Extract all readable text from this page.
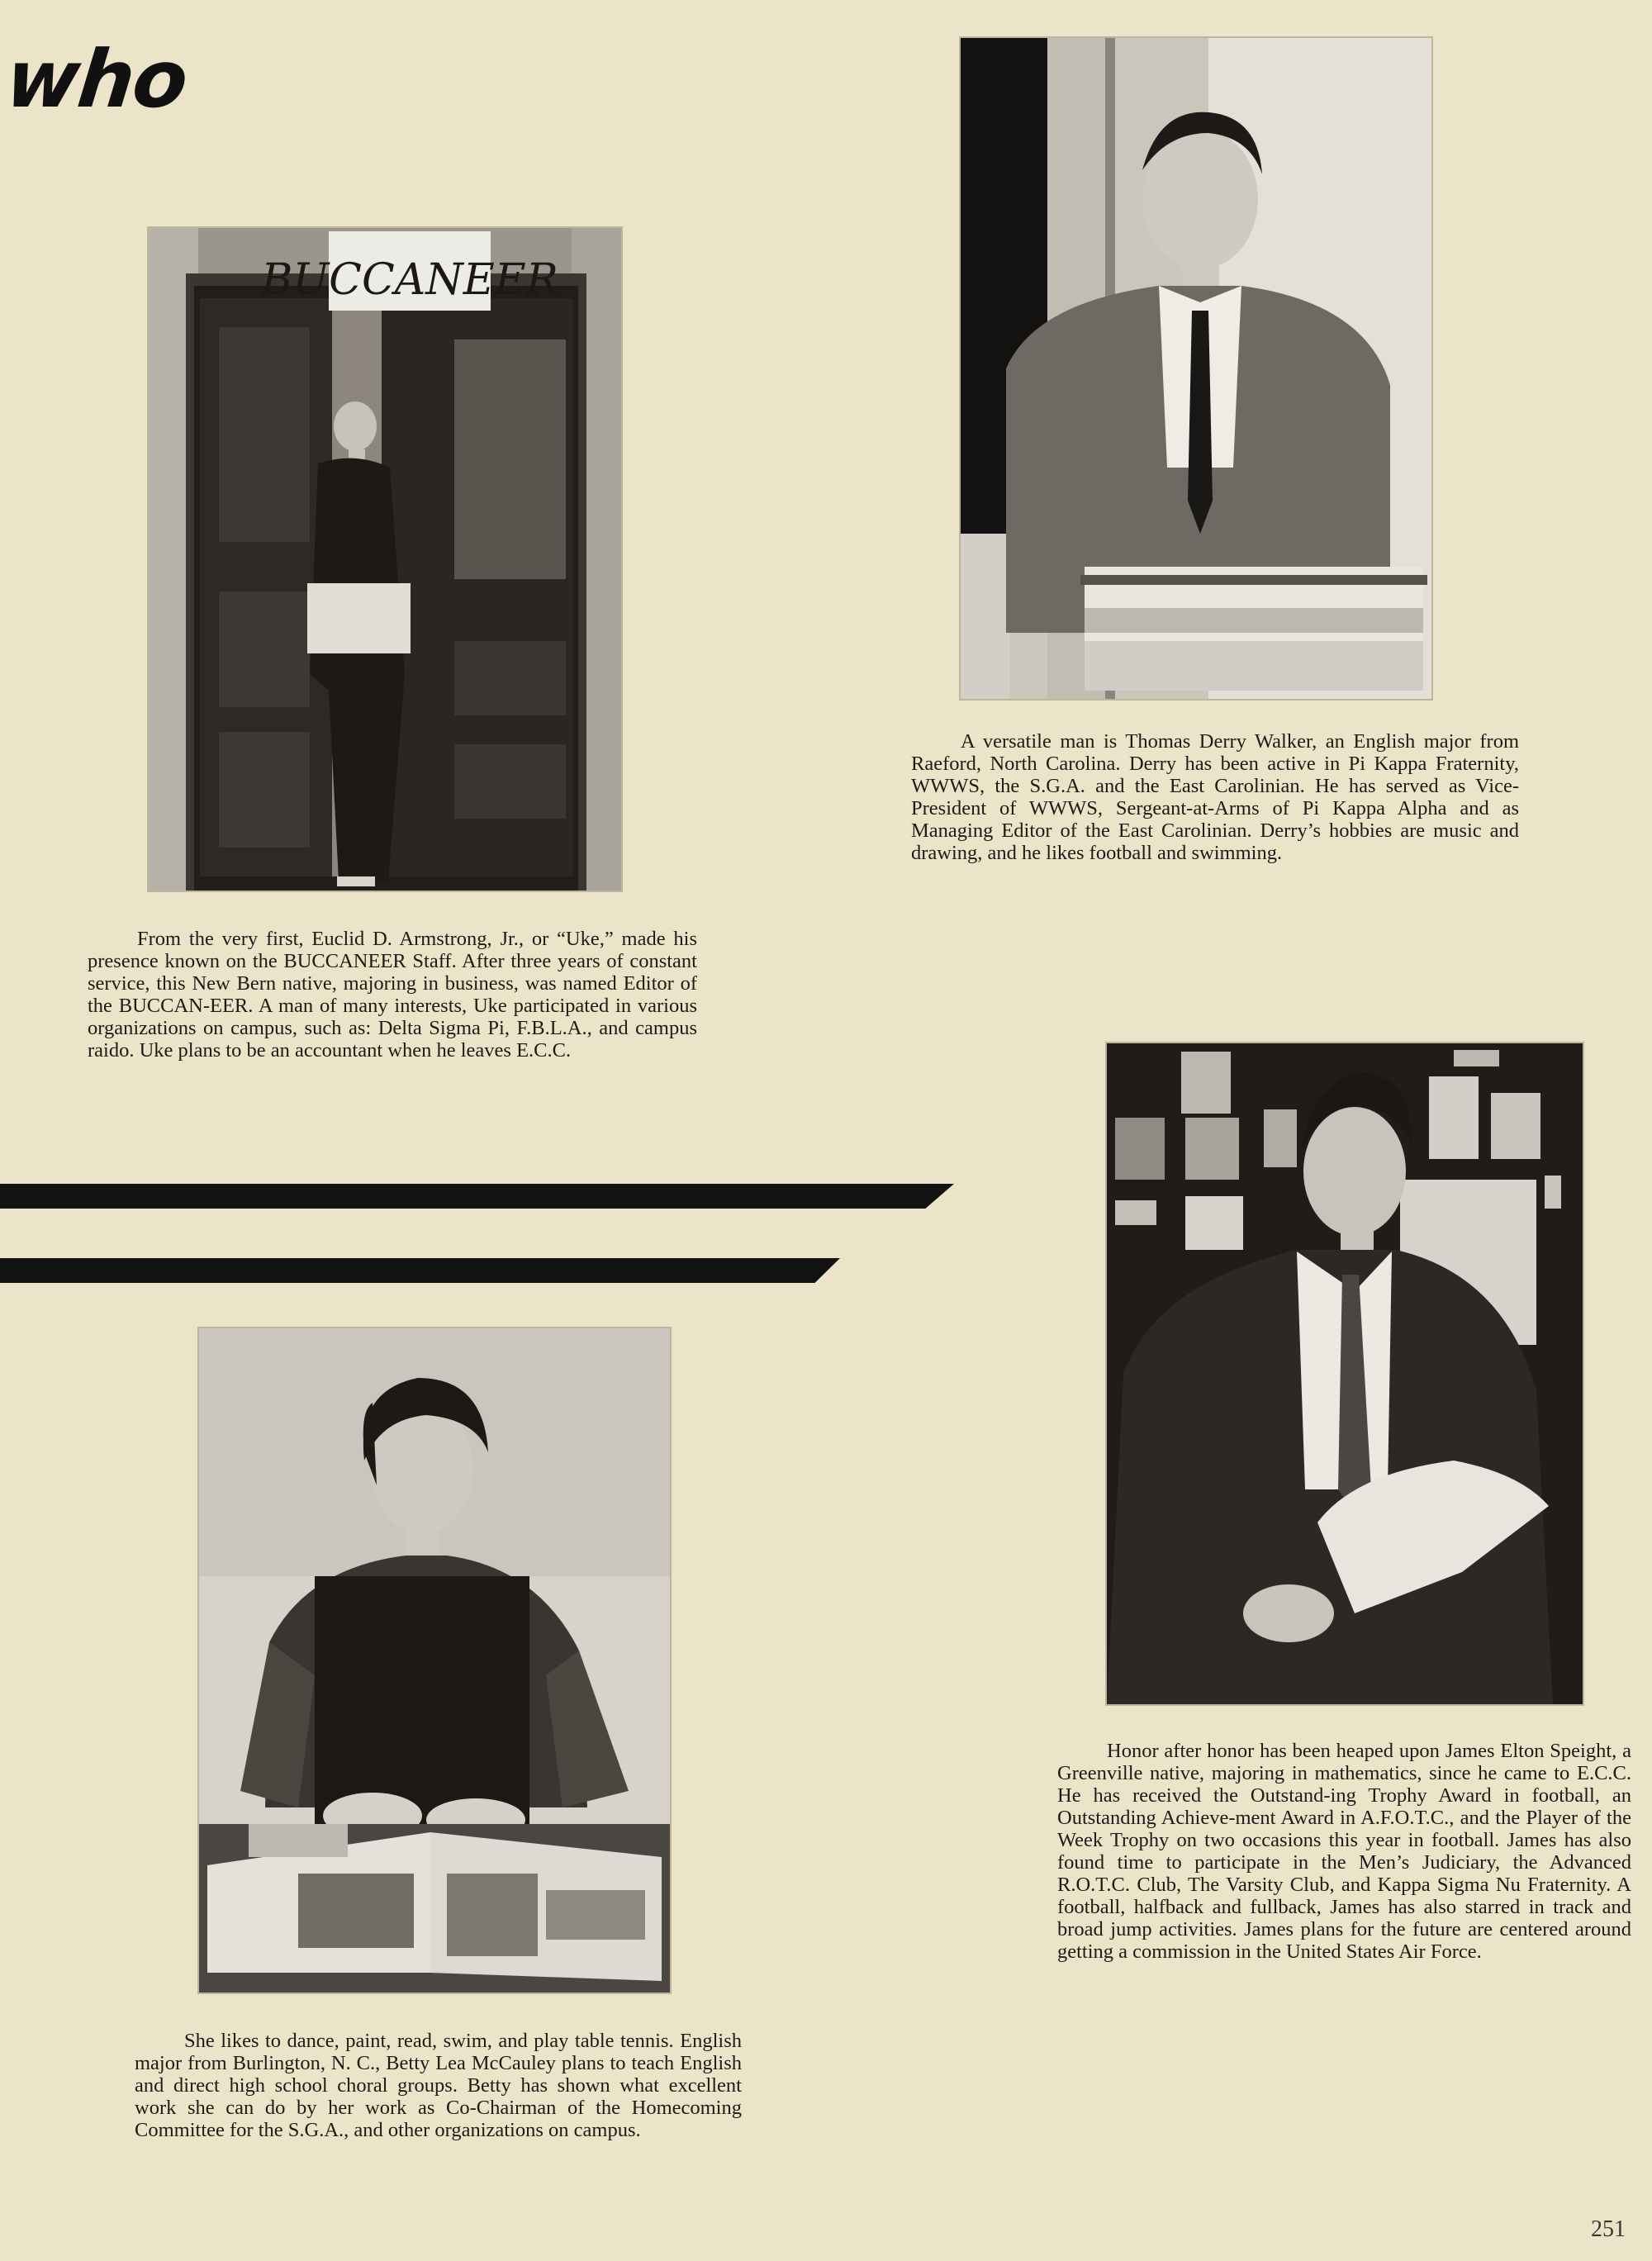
who
BUCCANEER

From the very first, Euclid D. Armstrong, Jr., or “Uke,” made his presence known on the BUCCANEER Staff. After three years of constant service, this New Bern native, majoring in business, was named Editor of the BUCCAN-EER. A man of many interests, Uke participated in various organizations on campus, such as: Delta Sigma Pi, F.B.L.A., and campus raido. Uke plans to be an accountant when he leaves E.C.C.

A versatile man is Thomas Derry Walker, an English major from Raeford, North Carolina. Derry has been active in Pi Kappa Fraternity, WWWS, the S.G.A. and the East Carolinian. He has served as Vice-President of WWWS, Sergeant-at-Arms of Pi Kappa Alpha and as Managing Editor of the East Carolinian. Derry’s hobbies are music and drawing, and he likes football and swimming.

Honor after honor has been heaped upon James Elton Speight, a Greenville native, majoring in mathematics, since he came to E.C.C. He has received the Outstand-ing Trophy Award in football, an Outstanding Achieve-ment Award in A.F.O.T.C., and the Player of the Week Trophy on two occasions this year in football. James has also found time to participate in the Men’s Judiciary, the Advanced R.O.T.C. Club, The Varsity Club, and Kappa Sigma Nu Fraternity. A football, halfback and fullback, James has also starred in track and broad jump activities. James plans for the future are centered around getting a commission in the United States Air Force.

She likes to dance, paint, read, swim, and play table tennis. English major from Burlington, N. C., Betty Lea McCauley plans to teach English and direct high school choral groups. Betty has shown what excellent work she can do by her work as Co-Chairman of the Homecoming Committee for the S.G.A., and other organizations on campus.

251
